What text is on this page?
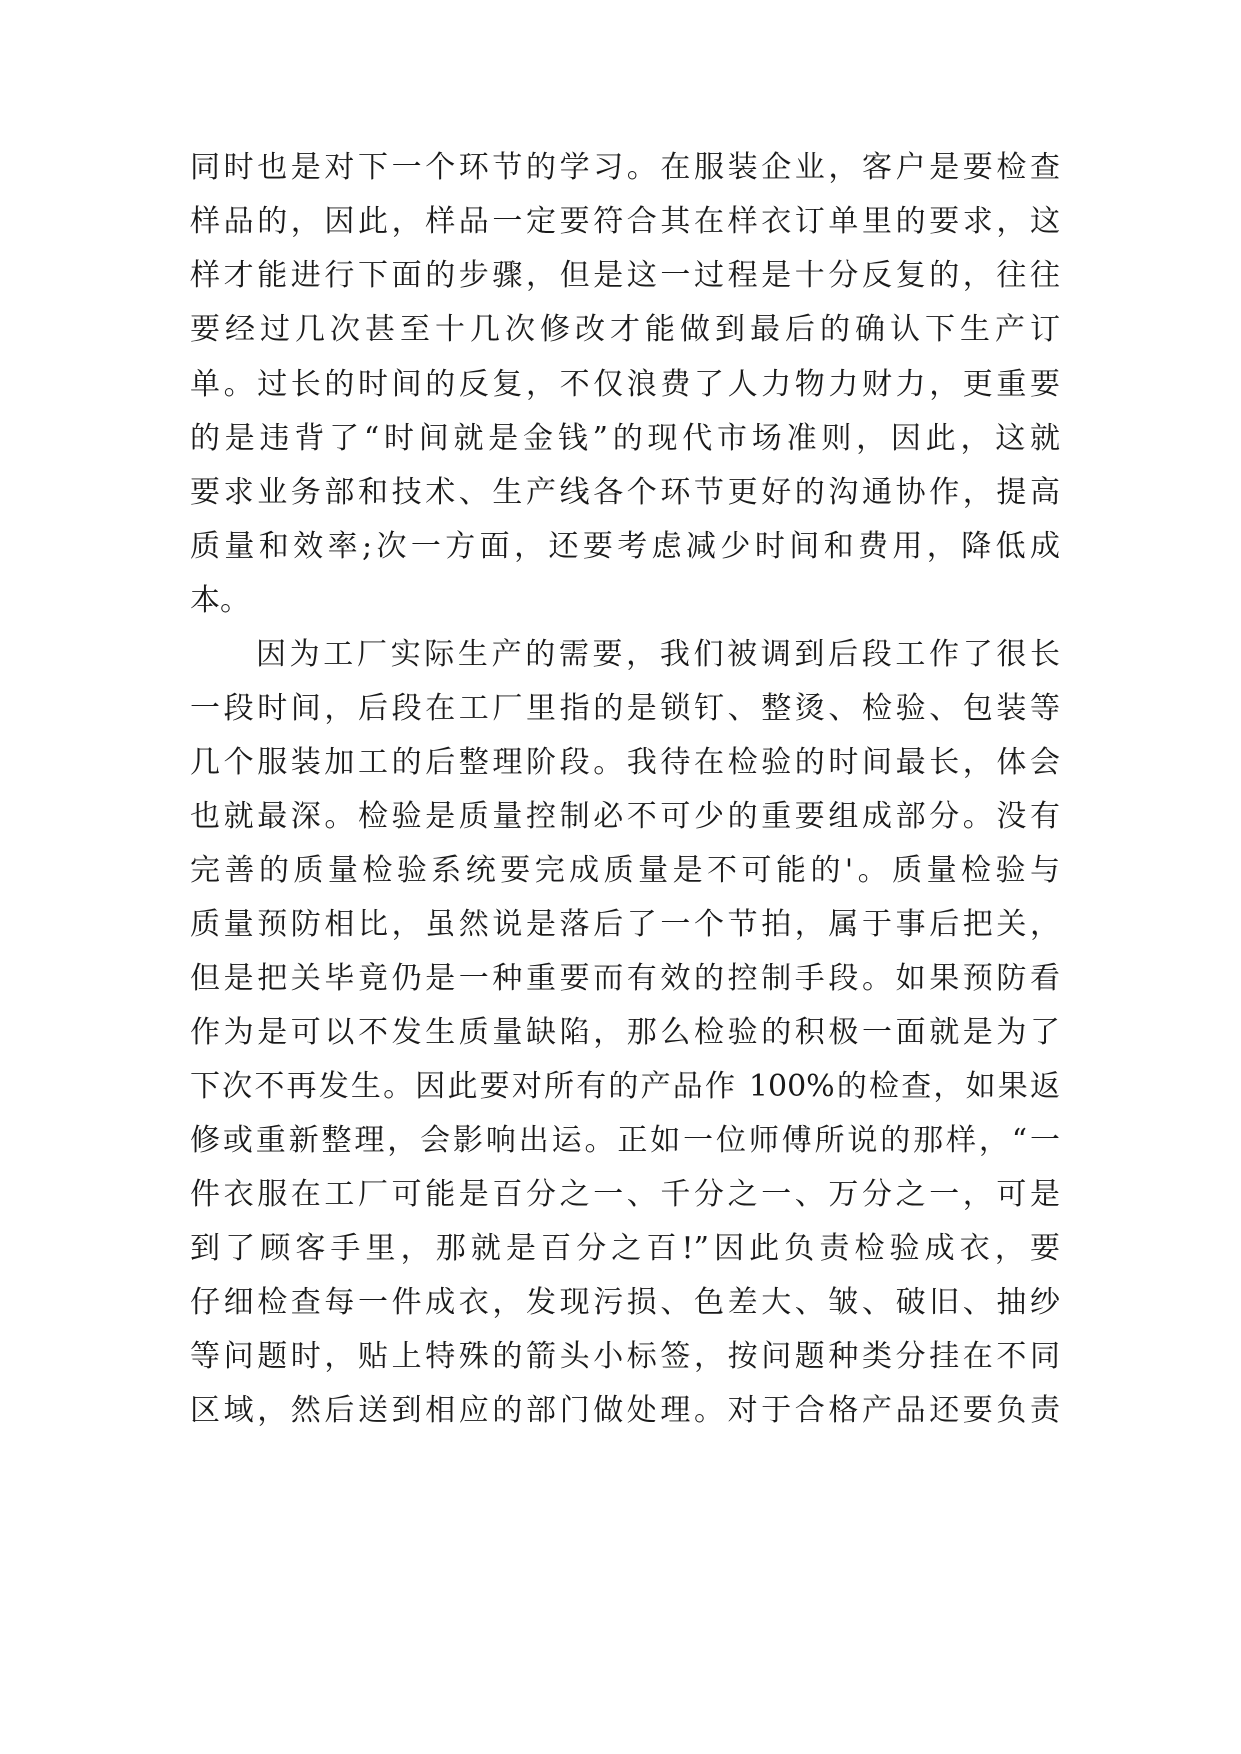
同时也是对下一个环节的学习。在服装企业，客户是要检查
样品的，因此，样品一定要符合其在样衣订单里的要求，这
样才能进行下面的步骤，但是这一过程是十分反复的，往往
要经过几次甚至十几次修改才能做到最后的确认下生产订
单。过长的时间的反复，不仅浪费了人力物力财力，更重要
的是违背了“时间就是金钱”的现代市场准则，因此，这就
要求业务部和技术、生产线各个环节更好的沟通协作，提高
质量和效率;次一方面，还要考虑减少时间和费用，降低成
本。
因为工厂实际生产的需要，我们被调到后段工作了很长
一段时间，后段在工厂里指的是锁钉、整烫、检验、包装等
几个服装加工的后整理阶段。我待在检验的时间最长，体会
也就最深。检验是质量控制必不可少的重要组成部分。没有
完善的质量检验系统要完成质量是不可能的'。质量检验与
质量预防相比，虽然说是落后了一个节拍，属于事后把关，
但是把关毕竟仍是一种重要而有效的控制手段。如果预防看
作为是可以不发生质量缺陷，那么检验的积极一面就是为了
下次不再发生。因此要对所有的产品作 100%的检查，如果返
修或重新整理，会影响出运。正如一位师傅所说的那样，“一
件衣服在工厂可能是百分之一、千分之一、万分之一，可是
到了顾客手里，那就是百分之百!”因此负责检验成衣，要
仔细检查每一件成衣，发现污损、色差大、皱、破旧、抽纱
等问题时，贴上特殊的箭头小标签，按问题种类分挂在不同
区域，然后送到相应的部门做处理。对于合格产品还要负责
